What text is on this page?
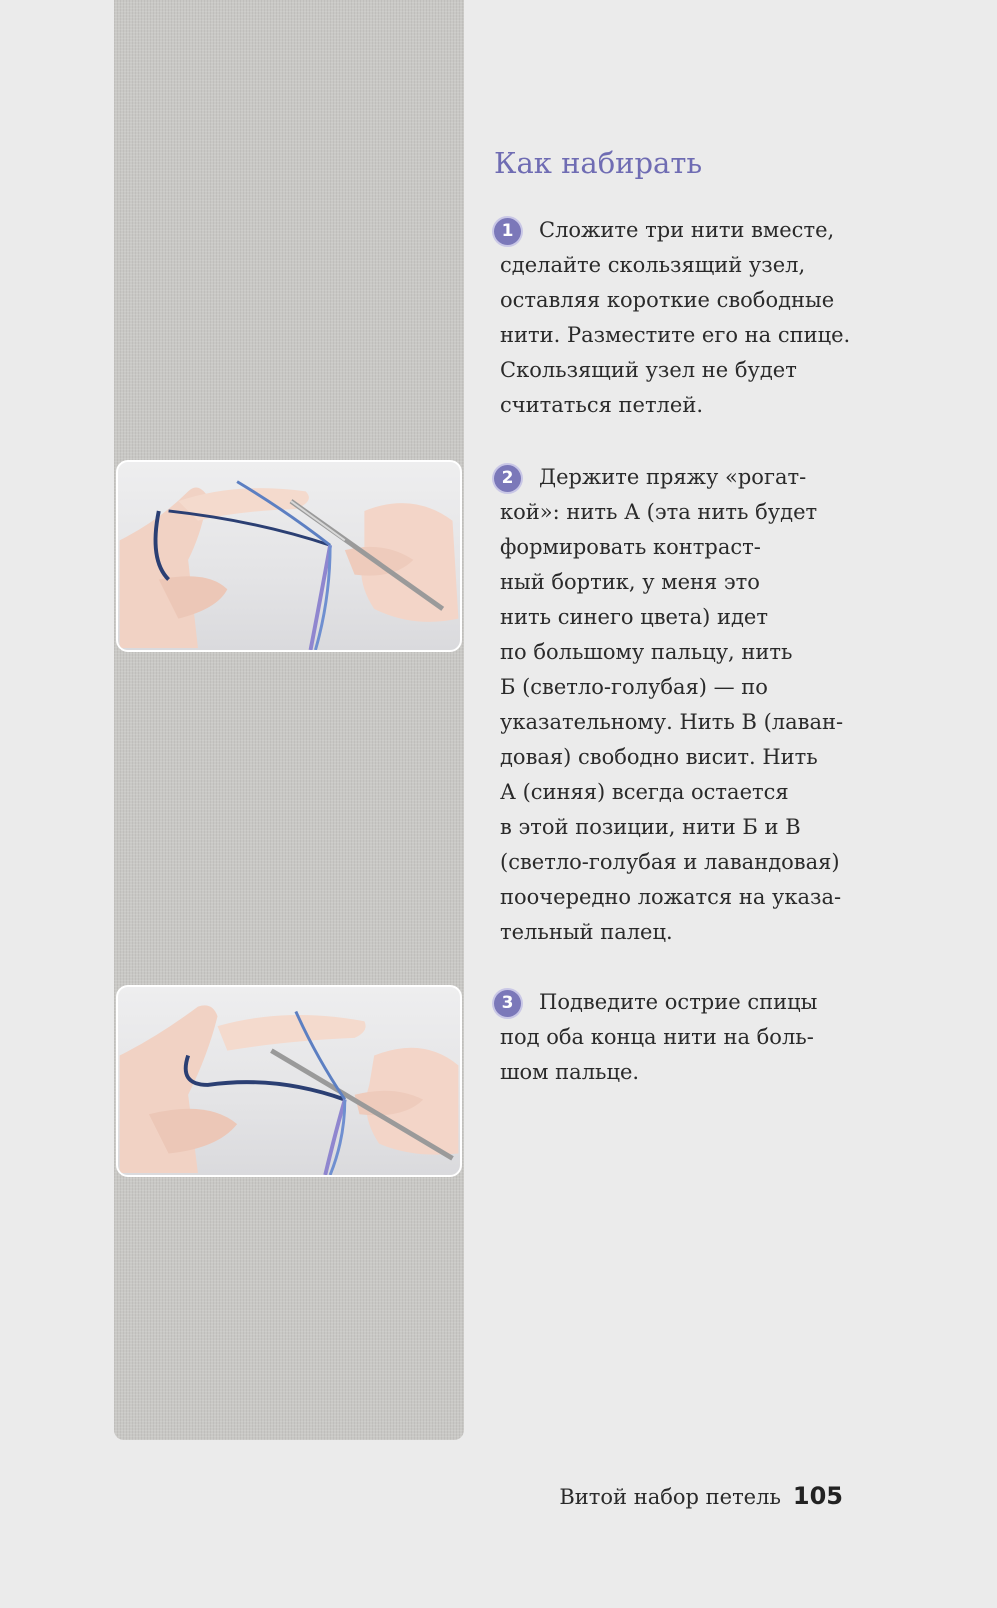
Как набирать
1 Сложите три нити вместе,
сделайте скользящий узел,
оставляя короткие свободные
нити. Разместите его на спице.
Скользящий узел не будет
считаться петлей.
2 Держите пряжу «рогат-
кой»: нить А (эта нить будет
формировать контраст-
ный бортик, у меня это
нить синего цвета) идет
по большому пальцу, нить
Б (светло-голубая) — по
указательному. Нить В (лаван-
довая) свободно висит. Нить
А (синяя) всегда остается
в этой позиции, нити Б и В
(светло-голубая и лавандовая)
поочередно ложатся на указа-
тельный палец.
3 Подведите острие спицы
под оба конца нити на боль-
шом пальце.
Витой набор петель 105
